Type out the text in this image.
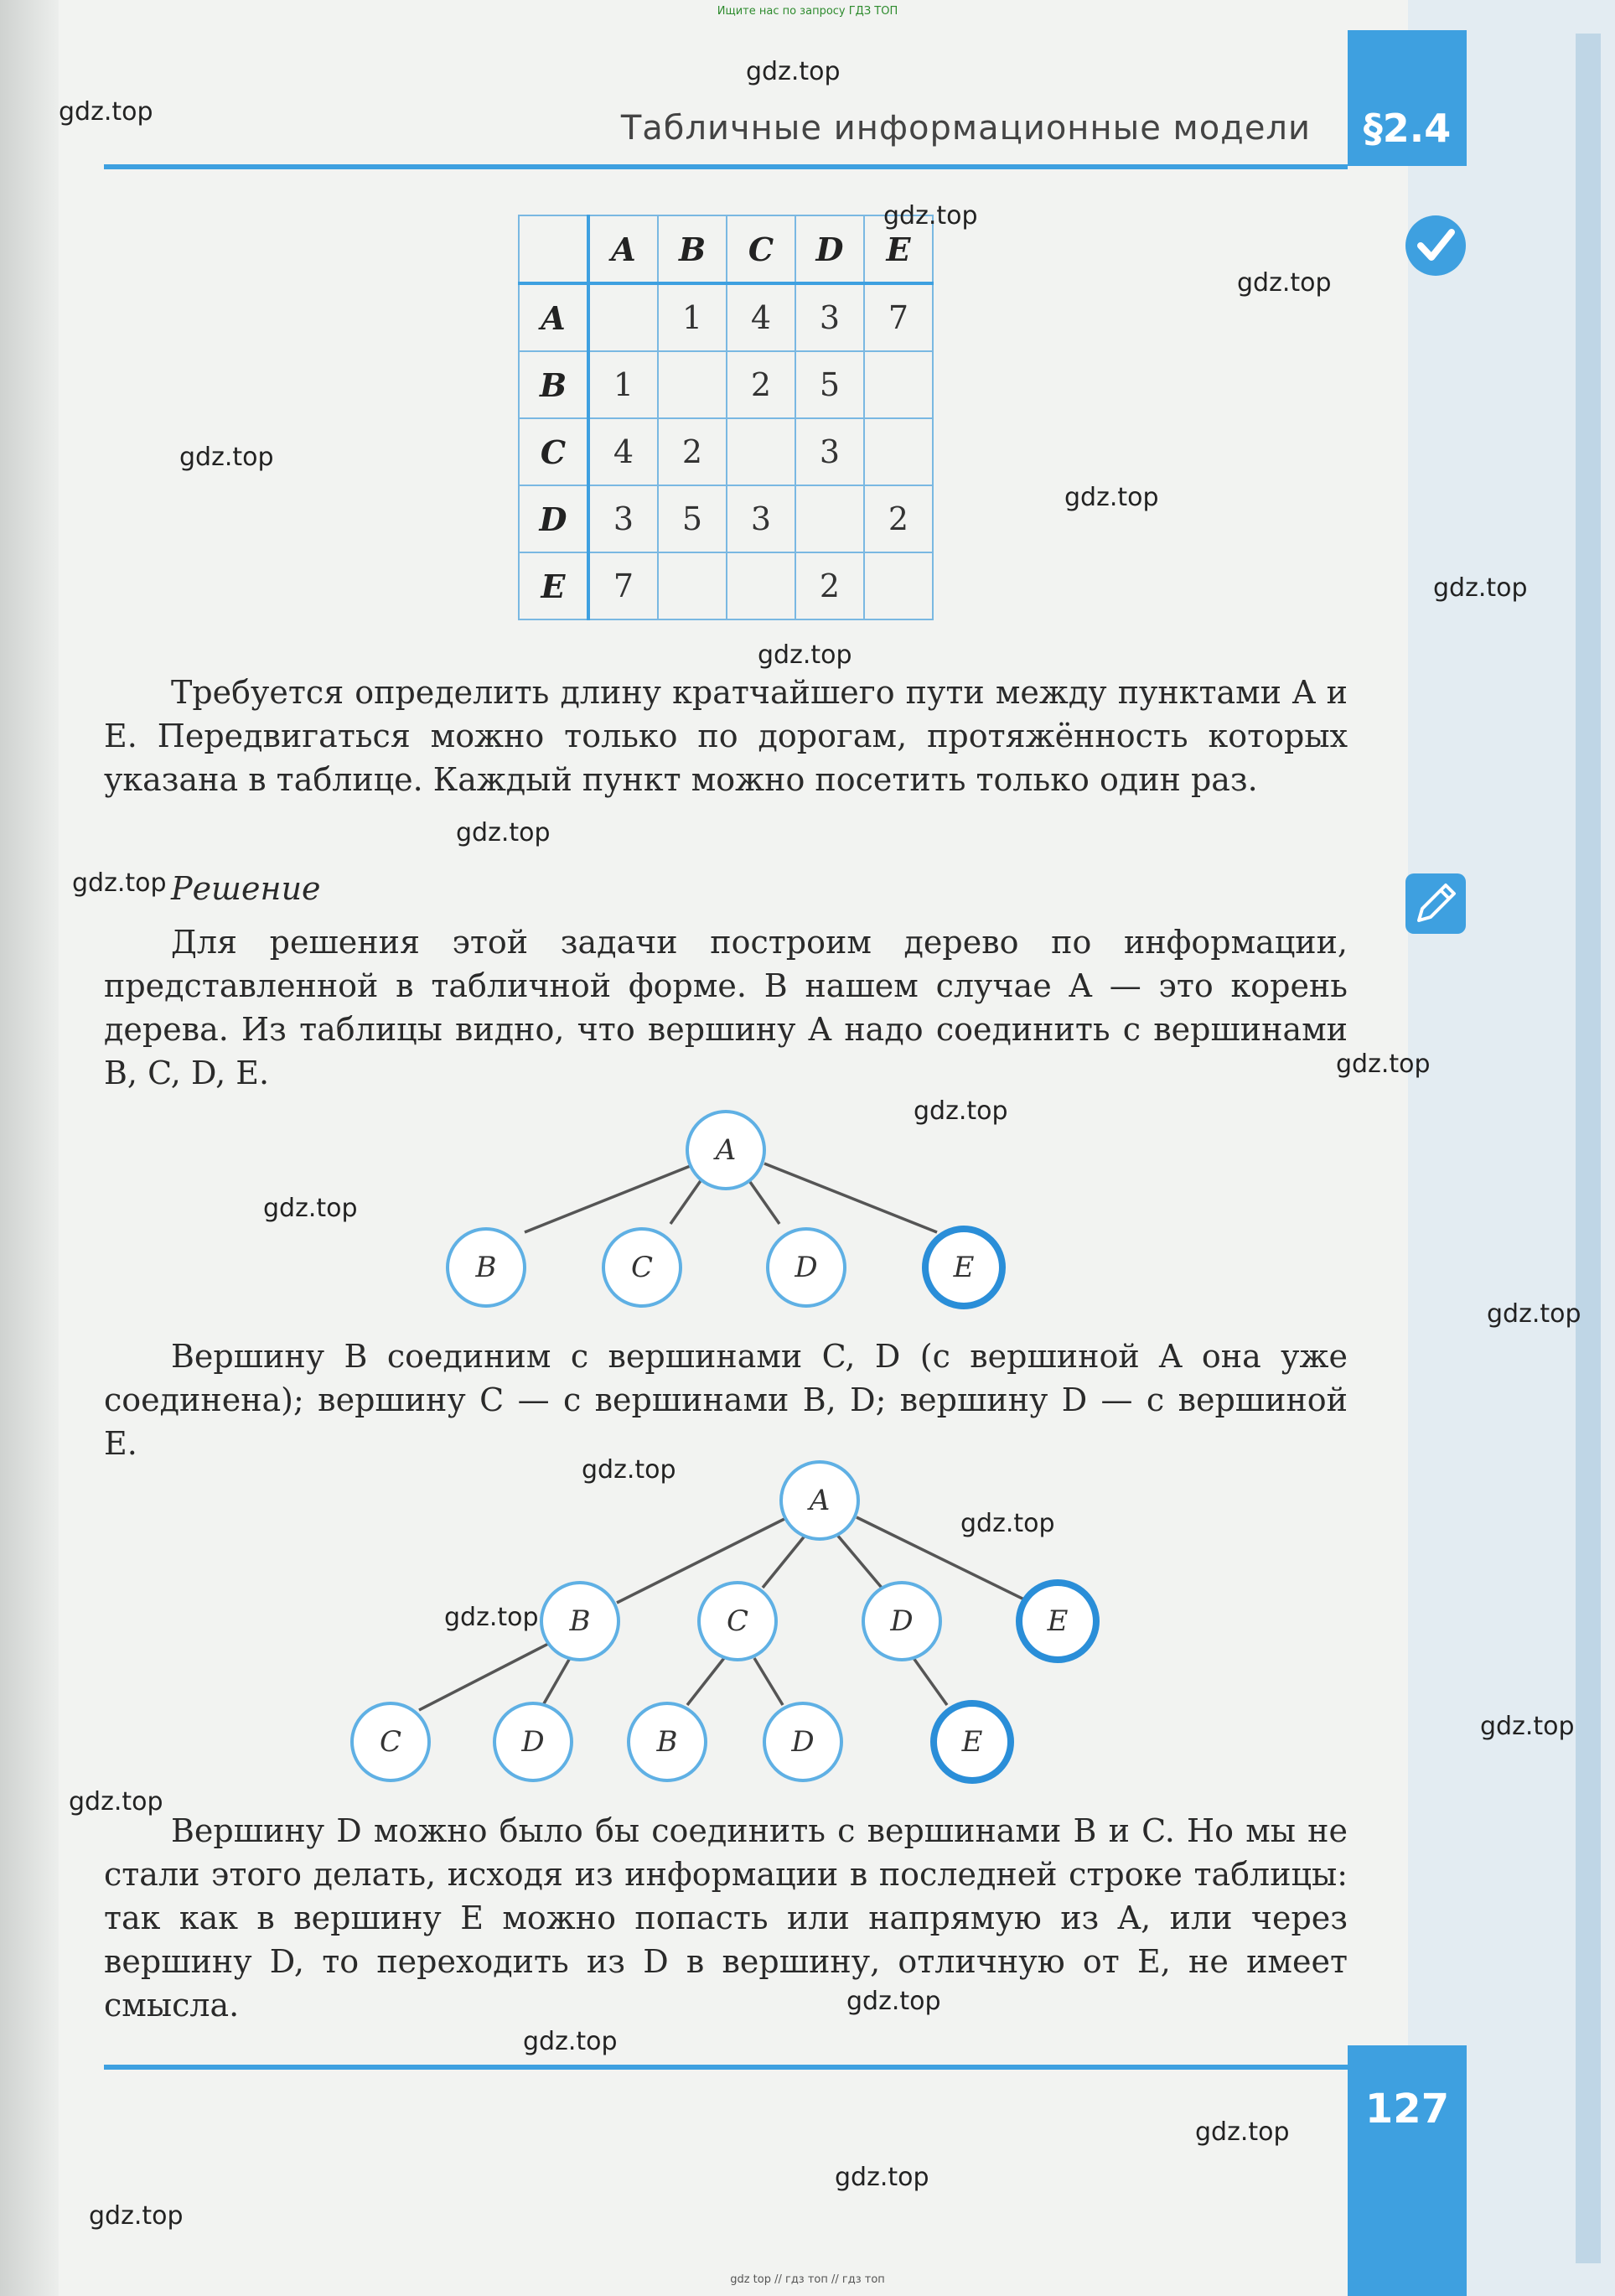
Ищите нас по запросу ГДЗ ТОП
gdz top // гдз топ // гдз топ
Табличные информационные модели	§2.4
	A	B	C	D	E
A		1	4	3	7
B	1		2	5	
C	4	2		3	
D	3	5	3		2
E	7			2	

Требуется определить длину кратчайшего пути между пунктами A и E. Передвигаться можно только по дорогам, протяжённость которых указана в таблице. Каждый пункт можно посетить только один раз.

Решение

Для решения этой задачи построим дерево по информации, представленной в табличной форме. В нашем случае A — это корень дерева. Из таблицы видно, что вершину A надо соединить с вершинами B, C, D, E.

A
B	C	D	E

Вершину B соединим с вершинами C, D (с вершиной A она уже соединена); вершину C — с вершинами B, D; вершину D — с вершиной E.

A
B	C	D	E
C	D	B	D	E

Вершину D можно было бы соединить с вершинами B и C. Но мы не стали этого делать, исходя из информации в последней строке таблицы: так как в вершину E можно попасть или напрямую из A, или через вершину D, то переходить из D в вершину, отличную от E, не имеет смысла.

127
gdz.top
gdz.top
gdz.top
gdz.top
gdz.top
gdz.top
gdz.top
gdz.top
gdz.top
gdz.top
gdz.top
gdz.top
gdz.top
gdz.top
gdz.top
gdz.top
gdz.top
gdz.top
gdz.top
gdz.top
gdz.top
gdz.top
gdz.top
gdz.top
